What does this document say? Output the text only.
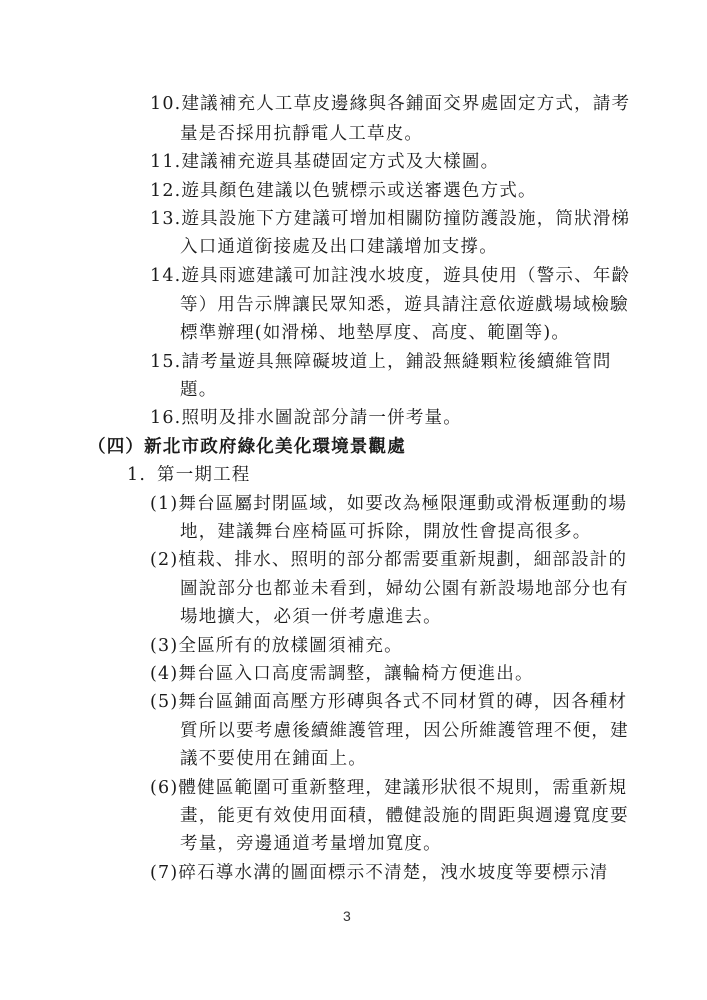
10.建議補充人工草皮邊緣與各鋪面交界處固定方式，請考
量是否採用抗靜電人工草皮。
11.建議補充遊具基礎固定方式及大樣圖。
12.遊具顏色建議以色號標示或送審選色方式。
13.遊具設施下方建議可增加相關防撞防護設施，筒狀滑梯
入口通道銜接處及出口建議增加支撐。
14.遊具雨遮建議可加註洩水坡度，遊具使用（警示、年齡
等）用告示牌讓民眾知悉，遊具請注意依遊戲場域檢驗
標準辦理(如滑梯、地墊厚度、高度、範圍等)。
15.請考量遊具無障礙坡道上，鋪設無縫顆粒後續維管問
題。
16.照明及排水圖說部分請一併考量。
（四）新北市政府綠化美化環境景觀處
1. 第一期工程
(1)舞台區屬封閉區域，如要改為極限運動或滑板運動的場
地，建議舞台座椅區可拆除，開放性會提高很多。
(2)植栽、排水、照明的部分都需要重新規劃，細部設計的
圖說部分也都並未看到，婦幼公園有新設場地部分也有
場地擴大，必須一併考慮進去。
(3)全區所有的放樣圖須補充。
(4)舞台區入口高度需調整，讓輪椅方便進出。
(5)舞台區鋪面高壓方形磚與各式不同材質的磚，因各種材
質所以要考慮後續維護管理，因公所維護管理不便，建
議不要使用在鋪面上。
(6)體健區範圍可重新整理，建議形狀很不規則，需重新規
畫，能更有效使用面積，體健設施的間距與週邊寬度要
考量，旁邊通道考量增加寬度。
(7)碎石導水溝的圖面標示不清楚，洩水坡度等要標示清
3
